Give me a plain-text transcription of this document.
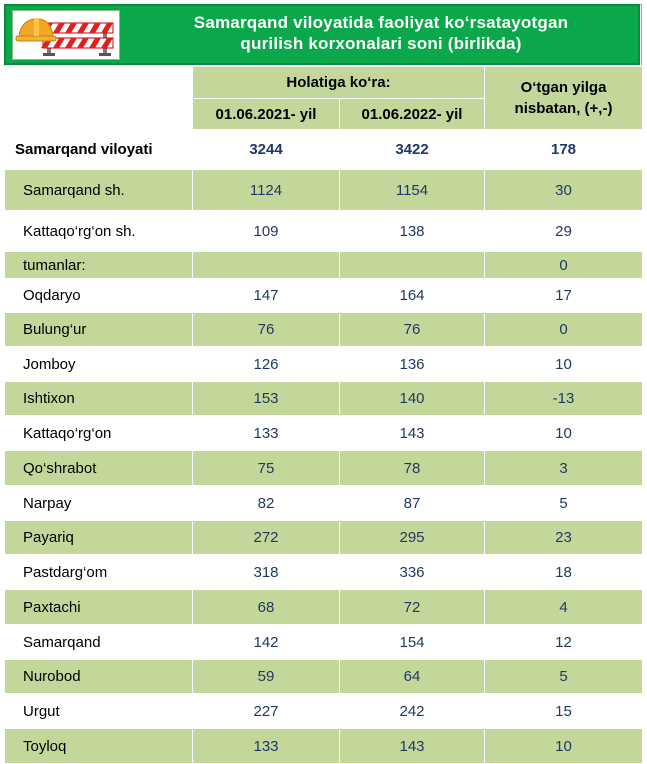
Samarqand viloyatida faoliyat ko‘rsatayotgan
qurilish korxonalari soni (birlikda)
	Holatiga ko‘ra:		O‘tgan yilga
nisbatan, (+,-)

	01.06.2021- yil	01.06.2022- yil	
Samarqand viloyati	3244	3422	178
Samarqand sh.	1124	1154	30
Kattaqo‘rg‘on sh.	109	138	29
tumanlar:			0
Oqdaryo	147	164	17
Bulung‘ur	76	76	0
Jomboy	126	136	10
Ishtixon	153	140	-13
Kattaqo‘rg‘on	133	143	10
Qo‘shrabot	75	78	3
Narpay	82	87	5
Payariq	272	295	23
Pastdarg‘om	318	336	18
Paxtachi	68	72	4
Samarqand	142	154	12
Nurobod	59	64	5
Urgut	227	242	15
Toyloq	133	143	10
